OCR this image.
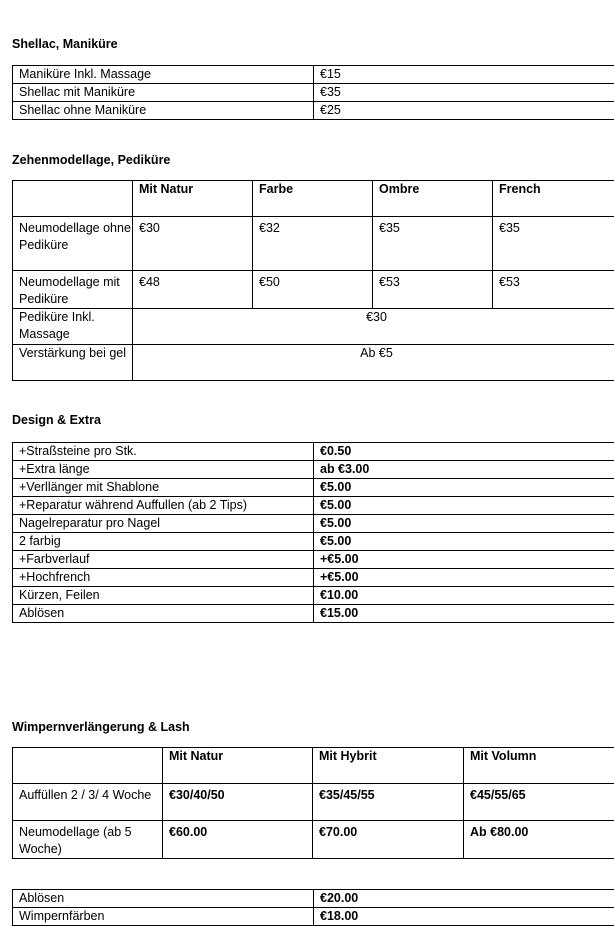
Shellac, Maniküre
Maniküre Inkl. Massage	€15
Shellac mit Maniküre	€35
Shellac ohne Maniküre	€25
Zehenmodellage, Pediküre
	Mit Natur	Farbe	Ombre	French
Neumodellage ohne Pediküre	€30	€32	€35	€35
Neumodellage mit Pediküre	€48	€50	€53	€53
Pediküre Inkl. Massage	€30			
Verstärkung bei gel	Ab €5			
Design & Extra
+Straßsteine pro Stk.	€0.50
+Extra länge	ab €3.00
+Verllänger mit Shablone	€5.00
+Reparatur während Auffullen (ab 2 Tips)	€5.00
Nagelreparatur pro Nagel	€5.00
2 farbig	€5.00
+Farbverlauf	+€5.00
+Hochfrench	+€5.00
Kürzen, Feilen	€10.00
Ablösen	€15.00
Wimpernverlängerung & Lash
	Mit Natur	Mit Hybrit	Mit Volumn
Auffüllen 2 / 3/ 4 Woche	€30/40/50	€35/45/55	€45/55/65
Neumodellage (ab 5 Woche)	€60.00	€70.00	Ab €80.00
Ablösen	€20.00
Wimpernfärben	€18.00
